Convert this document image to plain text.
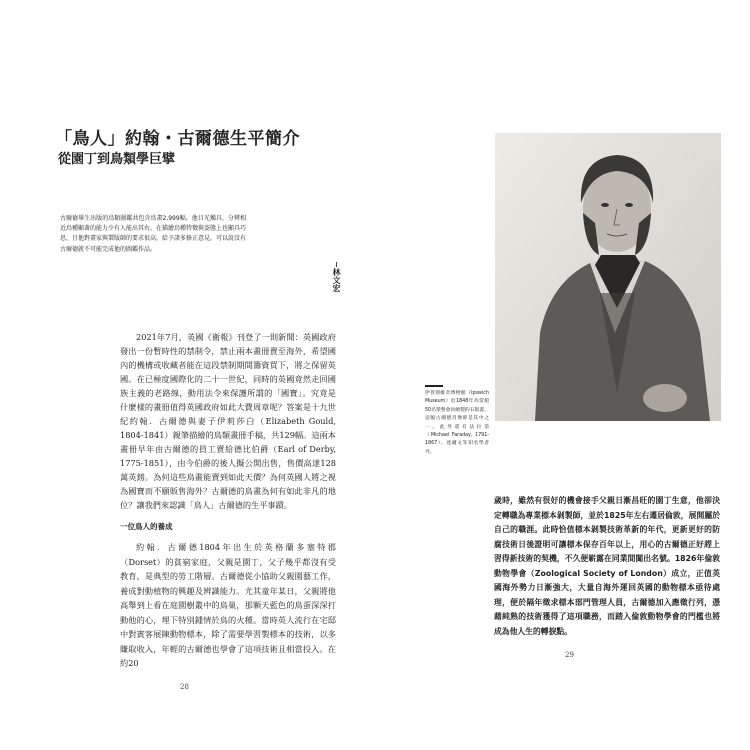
「鳥人」約翰・古爾德生平簡介
從園丁到鳥類學巨擘
古爾德畢生出版的鳥類圖鑑共包含鳥畫2,999幅。他目光獨具，分辨相近鳥種顯著的能力少有人能出其右。在描繪鳥種特徵與姿態上也顯具巧思，且他對畫家與製版師的要求很高，給予諸多修正意見，可以說沒有古爾德就不可能完成他的圖鑑作品。
林文宏

2021年7月，英國《衛報》刊登了一則新聞：英國政府發出一份暫時性的禁制令，禁止兩本畫冊賣至海外，希望國內的機構或收藏者能在這段禁制期間籌資買下，將之保留英國。在已極度國際化的二十一世紀，同時的英國竟然走回國族主義的老路線，動用法令來保護所謂的「國寶」。究竟是什麼樣的畫冊值得英國政府如此大費周章呢？答案是十九世紀約翰．古爾德與妻子伊莉莎白（Elizabeth Gould, 1804-1841）親筆描繪的鳥類畫冊手稿，共129幅。這兩本畫冊早年由古爾德的員工賣給德比伯爵（Earl of Derby, 1775-1851），由今伯爵的後人擬公開出售，售價高達128萬英鎊。為何這些鳥畫能賣到如此天價？為何英國人將之視為國寶而不願販售海外？古爾德的鳥畫為何有如此非凡的地位？讓我們來認識「鳥人」古爾德的生平事蹟。

一位鳥人的養成

約翰．古爾德1804年出生於英格蘭多塞特郡（Dorset）的貧窮家庭，父親是園丁，父子幾乎都沒有受教育，是典型的勞工階層。古爾德從小協助父親園藝工作，養成對動植物的興趣及辨識能力。尤其童年某日，父親將他高舉到上看在庭園樹叢中的鳥巢，那顆天藍色的鳥蛋深深打動他的心，埋下特別鍾情於鳥的火種。當時英人流行在宅邸中對賓客展陳動物標本，除了需要學習製標本的技術，以多賺取收入，年輕的古爾德也學會了這項技術且相當投入。在約20

28
伊普斯維奇博物館（Ipswich Museum）於1848年為當館50名榮譽會員繪製的石版畫，這幅古爾德肖像即是其中之一。此外還有法拉第（Michael Faraday, 1791-1867）、達爾文等知名學者外。

歲時，雖然有很好的機會接手父親日漸昌旺的園丁生意，他卻決定轉職為專業標本剝製師，並於1825年左右遷居倫敦，展開屬於自己的職涯。此時恰值標本剝製技術革新的年代，更新更好的防腐技術日後證明可讓標本保存百年以上，用心的古爾德正好趕上習得新技術的契機，不久便嶄露在同業間闖出名號。1826年倫敦動物學會（Zoological Society of London）成立，正值英國海外勢力日漸強大，大量自海外運回英國的動物標本亟待處理，便於隔年徵求標本部門管理人員，古爾德加入應徵行列，憑藉純熟的技術獲得了這項職務，而踏入倫敦動物學會的門檻也將成為他人生的轉捩點。

29
